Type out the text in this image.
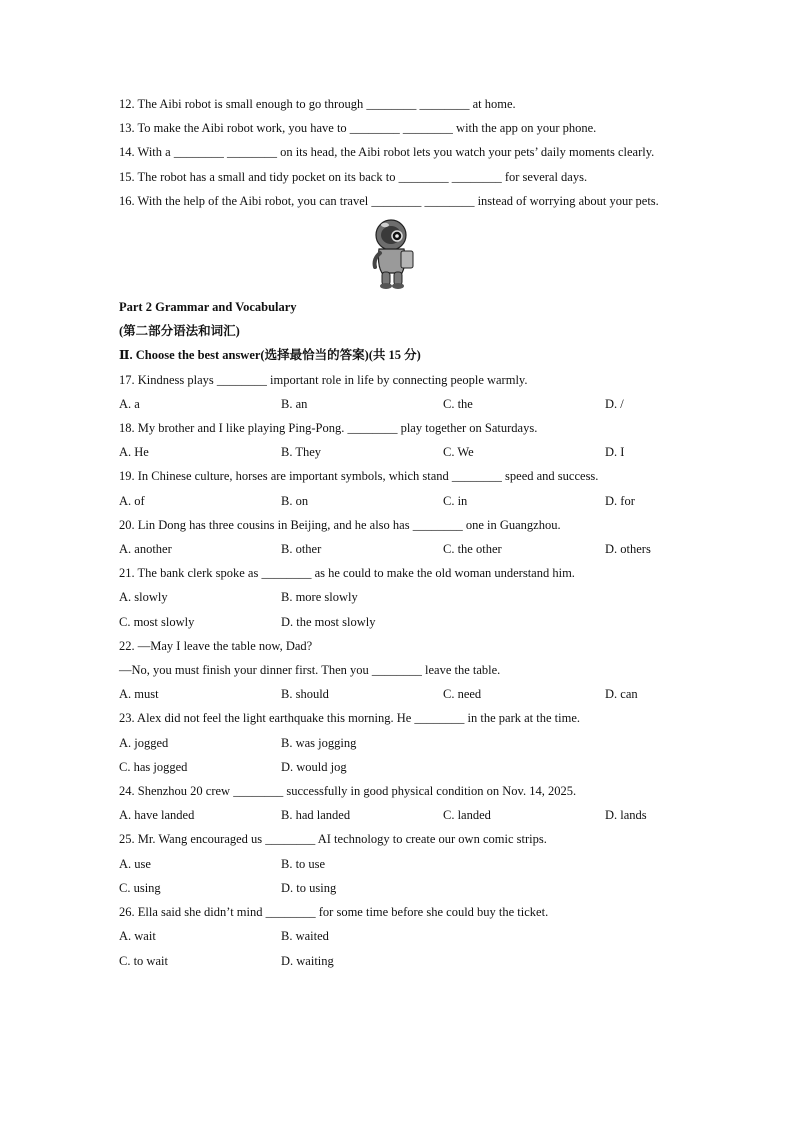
12. The Aibi robot is small enough to go through ________ ________ at home.
13. To make the Aibi robot work, you have to ________ ________ with the app on your phone.
14. With a ________ ________ on its head, the Aibi robot lets you watch your pets’ daily moments clearly.
15. The robot has a small and tidy pocket on its back to ________ ________ for several days.
16. With the help of the Aibi robot, you can travel ________ ________ instead of worrying about your pets.
Part 2 Grammar and Vocabulary
(第二部分语法和词汇)
Ⅱ. Choose the best answer(选择最恰当的答案)(共 15 分)
17. Kindness plays ________ important role in life by connecting people warmly.
A. a	B. an	C. the	D. /
18. My brother and I like playing Ping-Pong. ________ play together on Saturdays.
A. He	B. They	C. We	D. I
19. In Chinese culture, horses are important symbols, which stand ________ speed and success.
A. of	B. on	C. in	D. for
20. Lin Dong has three cousins in Beijing, and he also has ________ one in Guangzhou.
A. another	B. other	C. the other	D. others
21. The bank clerk spoke as ________ as he could to make the old woman understand him.
A. slowly	B. more slowly
C. most slowly	D. the most slowly
22. —May I leave the table now, Dad?
—No, you must finish your dinner first. Then you ________ leave the table.
A. must	B. should	C. need	D. can
23. Alex did not feel the light earthquake this morning. He ________ in the park at the time.
A. jogged	B. was jogging
C. has jogged	D. would jog
24. Shenzhou 20 crew ________ successfully in good physical condition on Nov. 14, 2025.
A. have landed	B. had landed	C. landed	D. lands
25. Mr. Wang encouraged us ________ AI technology to create our own comic strips.
A. use	B. to use
C. using	D. to using
26. Ella said she didn’t mind ________ for some time before she could buy the ticket.
A. wait	B. waited
C. to wait	D. waiting
